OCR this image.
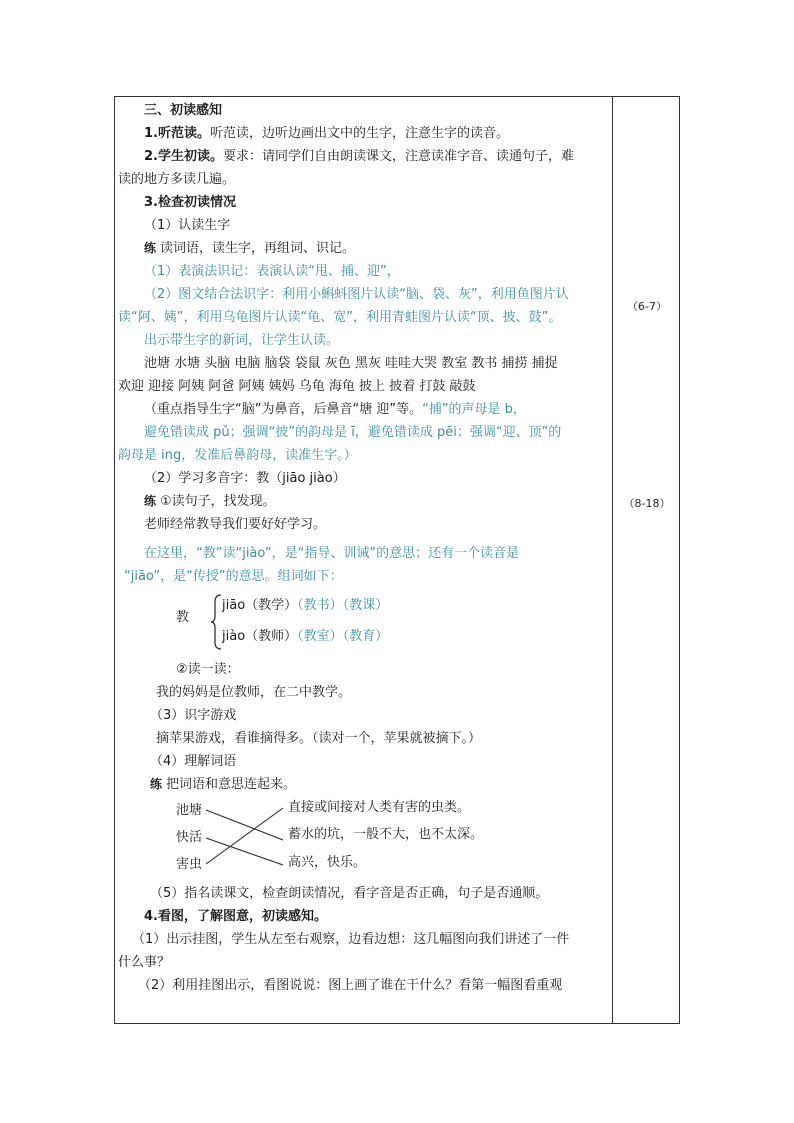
（6-7）
（8-18）
三、初读感知
1.听范读。听范读，边听边画出文中的生字，注意生字的读音。
2.学生初读。要求：请同学们自由朗读课文，注意读准字音、读通句子，难
读的地方多读几遍。
3.检查初读情况
（1）认读生字
练 读词语，读生字，再组词、识记。
（1）表演法识记：表演认读“甩、捕、迎”，
（2）图文结合法识字：利用小蝌蚪图片认读“脑、袋、灰”，利用鱼图片认
读“阿、姨”，利用乌龟图片认读“龟、宽”，利用青蛙图片认读“顶、披、鼓”。
出示带生字的新词，让学生认读。
池塘 水塘 头脑 电脑 脑袋 袋鼠 灰色 黑灰 哇哇大哭 教室 教书 捕捞 捕捉
欢迎 迎接 阿姨 阿爸 阿姨 姨妈 乌龟 海龟 披上 披着 打鼓 敲鼓
（重点指导生字“脑”为鼻音，后鼻音“塘 迎”等。“捕”的声母是 b，
避免错读成 pǔ；强调“披”的韵母是 ī，避免错读成 pēi；强调“迎、顶”的
韵母是 ing，发准后鼻韵母，读准生字。）
（2）学习多音字：教（jiāo jiào）
练 ①读句子，找发现。
老师经常教导我们要好好学习。
在这里，“教”读“jiào”，是“指导、训诫”的意思；还有一个读音是
“jiāo”，是“传授”的意思。组词如下：
教
jiāo（教学）（教书）（教课）
jiào（教师）（教室）（教育）
②读一读：
我的妈妈是位教师，在二中教学。
（3）识字游戏
摘苹果游戏，看谁摘得多。（读对一个，苹果就被摘下。）
（4）理解词语
练 把词语和意思连起来。
池塘
快活
害虫
直接或间接对人类有害的虫类。
蓄水的坑，一般不大，也不太深。
高兴，快乐。
（5）指名读课文，检查朗读情况，看字音是否正确，句子是否通顺。
4.看图，了解图意，初读感知。
（1）出示挂图，学生从左至右观察，边看边想：这几幅图向我们讲述了一件
什么事？
（2）利用挂图出示，看图说说：图上画了谁在干什么？看第一幅图看重观
